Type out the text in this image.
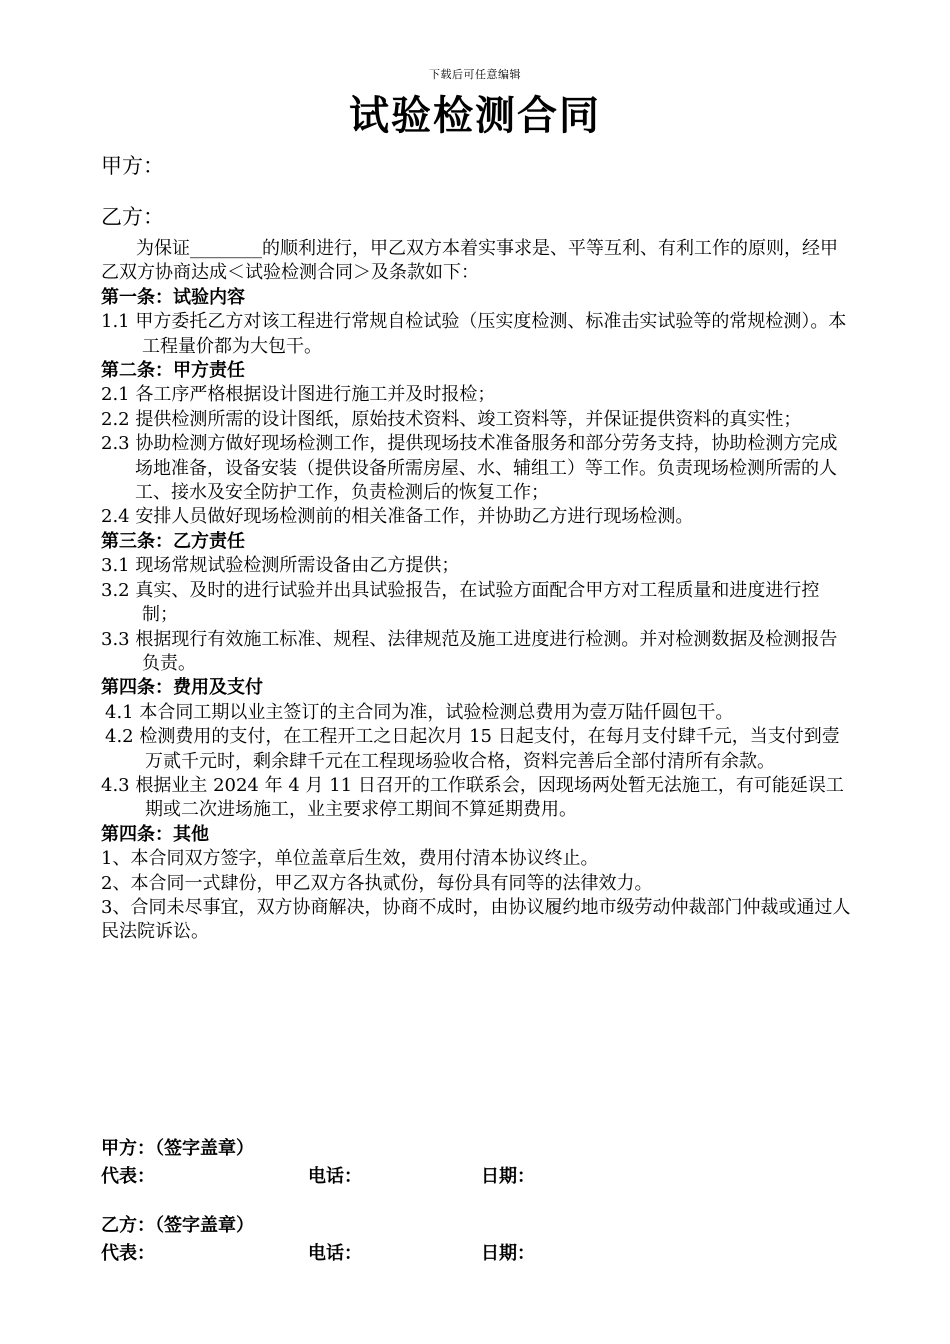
下载后可任意编辑
试验检测合同
甲方：
乙方：

为保证________的顺利进行，甲乙双方本着实事求是、平等互利、有利工作的原则，经甲乙双方协商达成＜试验检测合同＞及条款如下：

第一条：试验内容

1.1 甲方委托乙方对该工程进行常规自检试验（压实度检测、标准击实试验等的常规检测）。本工程量价都为大包干。

第二条：甲方责任

2.1 各工序严格根据设计图进行施工并及时报检；

2.2 提供检测所需的设计图纸，原始技术资料、竣工资料等，并保证提供资料的真实性；

2.3 协助检测方做好现场检测工作，提供现场技术准备服务和部分劳务支持，协助检测方完成场地准备，设备安装（提供设备所需房屋、水、辅组工）等工作。负责现场检测所需的人工、接水及安全防护工作，负责检测后的恢复工作；

2.4 安排人员做好现场检测前的相关准备工作，并协助乙方进行现场检测。

第三条：乙方责任

3.1 现场常规试验检测所需设备由乙方提供；

3.2 真实、及时的进行试验并出具试验报告，在试验方面配合甲方对工程质量和进度进行控制；

3.3 根据现行有效施工标准、规程、法律规范及施工进度进行检测。并对检测数据及检测报告负责。

第四条：费用及支付

4.1 本合同工期以业主签订的主合同为准，试验检测总费用为壹万陆仟圆包干。

4.2 检测费用的支付，在工程开工之日起次月 15 日起支付，在每月支付肆千元，当支付到壹万贰千元时，剩余肆千元在工程现场验收合格，资料完善后全部付清所有余款。

4.3 根据业主 2024 年 4 月 11 日召开的工作联系会，因现场两处暂无法施工，有可能延误工期或二次进场施工，业主要求停工期间不算延期费用。

第四条：其他

1、本合同双方签字，单位盖章后生效，费用付清本协议终止。

2、本合同一式肆份，甲乙双方各执贰份，每份具有同等的法律效力。

3、合同未尽事宜，双方协商解决，协商不成时，由协议履约地市级劳动仲裁部门仲裁或通过人民法院诉讼。

甲方：（签字盖章）
代表：	电话：	日期：
乙方：（签字盖章）
代表：	电话：	日期：
